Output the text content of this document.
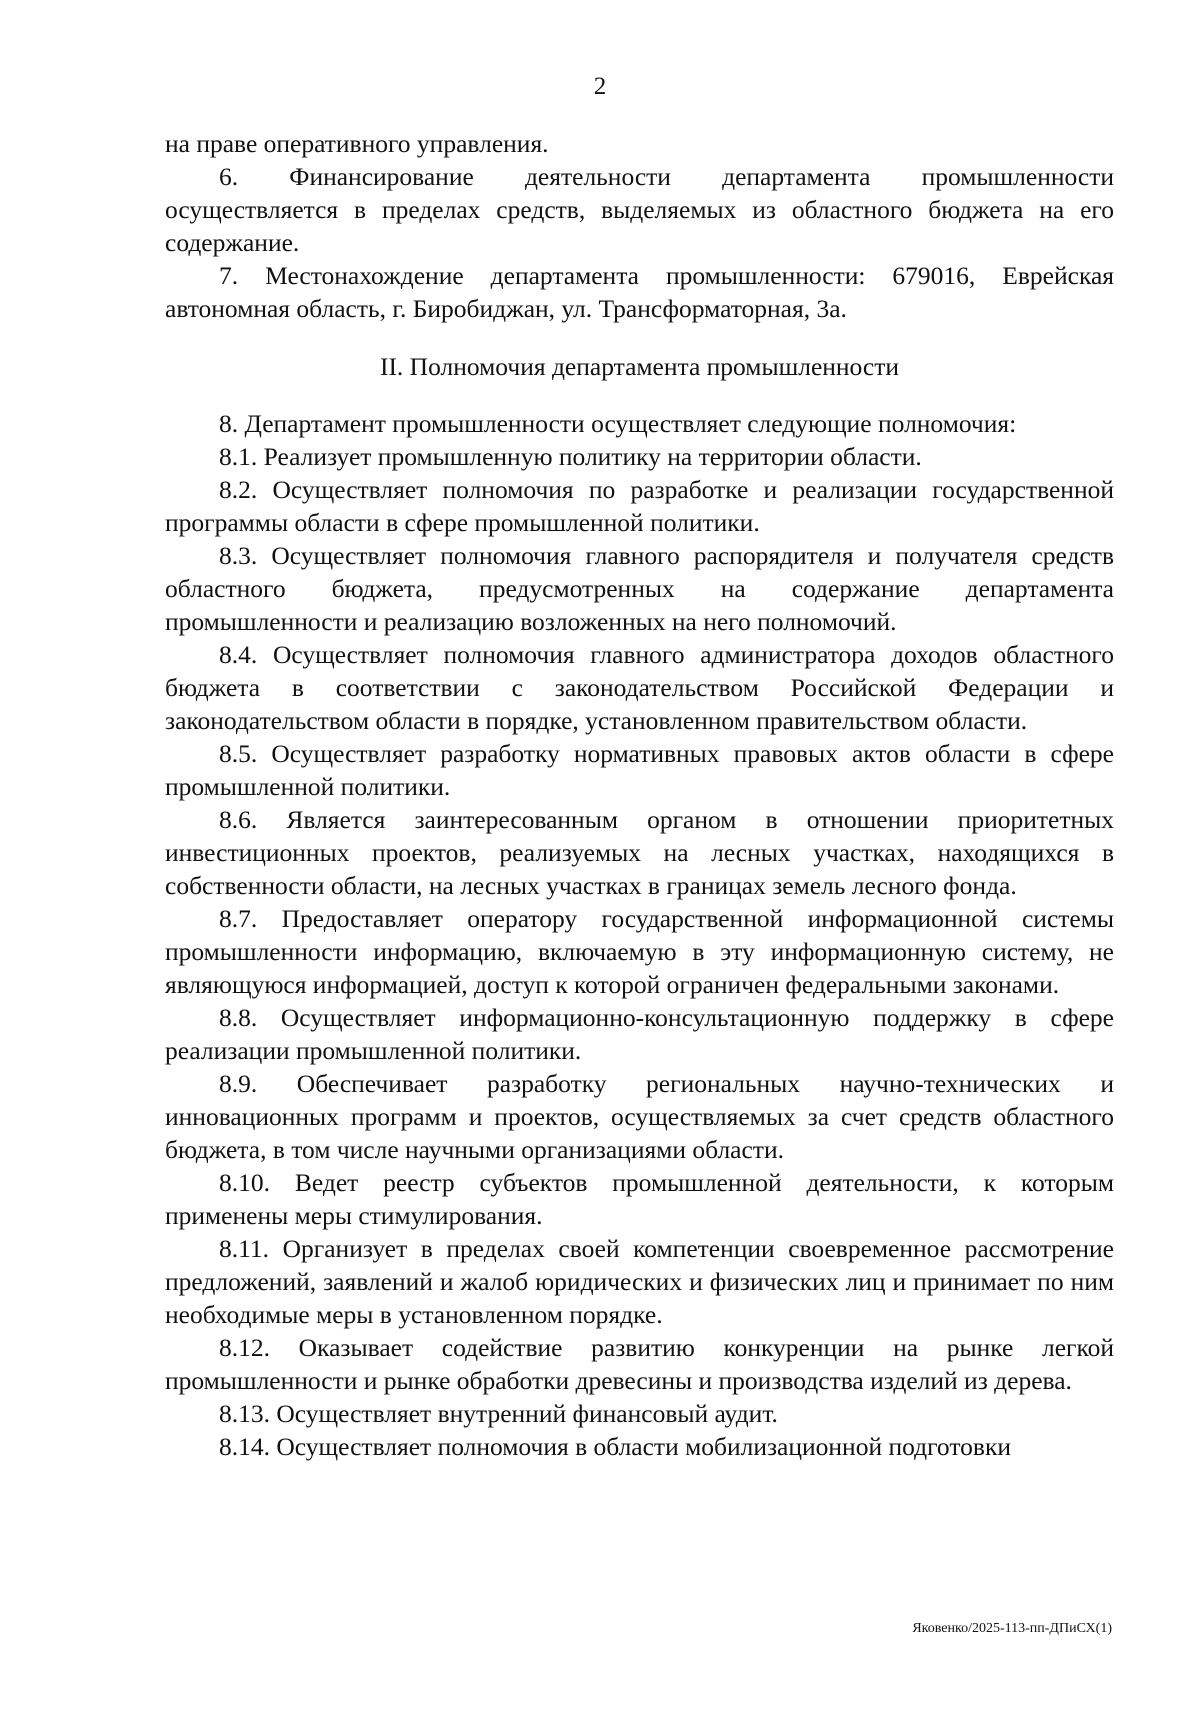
2

на праве оперативного управления.

6. Финансирование деятельности департамента промышленности осуществляется в пределах средств, выделяемых из областного бюджета на его содержание.

7. Местонахождение департамента промышленности: 679016, Еврейская автономная область, г. Биробиджан, ул. Трансформаторная, 3а.

II. Полномочия департамента промышленности

8. Департамент промышленности осуществляет следующие полномочия:

8.1. Реализует промышленную политику на территории области.

8.2. Осуществляет полномочия по разработке и реализации государственной программы области в сфере промышленной политики.

8.3. Осуществляет полномочия главного распорядителя и получателя средств областного бюджета, предусмотренных на содержание департамента промышленности и реализацию возложенных на него полномочий.

8.4. Осуществляет полномочия главного администратора доходов областного бюджета в соответствии с законодательством Российской Федерации и законодательством области в порядке, установленном правительством области.

8.5. Осуществляет разработку нормативных правовых актов области в сфере промышленной политики.

8.6. Является заинтересованным органом в отношении приоритетных инвестиционных проектов, реализуемых на лесных участках, находящихся в собственности области, на лесных участках в границах земель лесного фонда.

8.7. Предоставляет оператору государственной информационной системы промышленности информацию, включаемую в эту информационную систему, не являющуюся информацией, доступ к которой ограничен федеральными законами.

8.8. Осуществляет информационно-консультационную поддержку в сфере реализации промышленной политики.

8.9. Обеспечивает разработку региональных научно-технических и инновационных программ и проектов, осуществляемых за счет средств областного бюджета, в том числе научными организациями области.

8.10. Ведет реестр субъектов промышленной деятельности, к которым применены меры стимулирования.

8.11. Организует в пределах своей компетенции своевременное рассмотрение предложений, заявлений и жалоб юридических и физических лиц и принимает по ним необходимые меры в установленном порядке.

8.12. Оказывает содействие развитию конкуренции на рынке легкой промышленности и рынке обработки древесины и производства изделий из дерева.

8.13. Осуществляет внутренний финансовый аудит.

8.14. Осуществляет полномочия в области мобилизационной подготовки

Яковенко/2025-113-пп-ДПиСХ(1)
